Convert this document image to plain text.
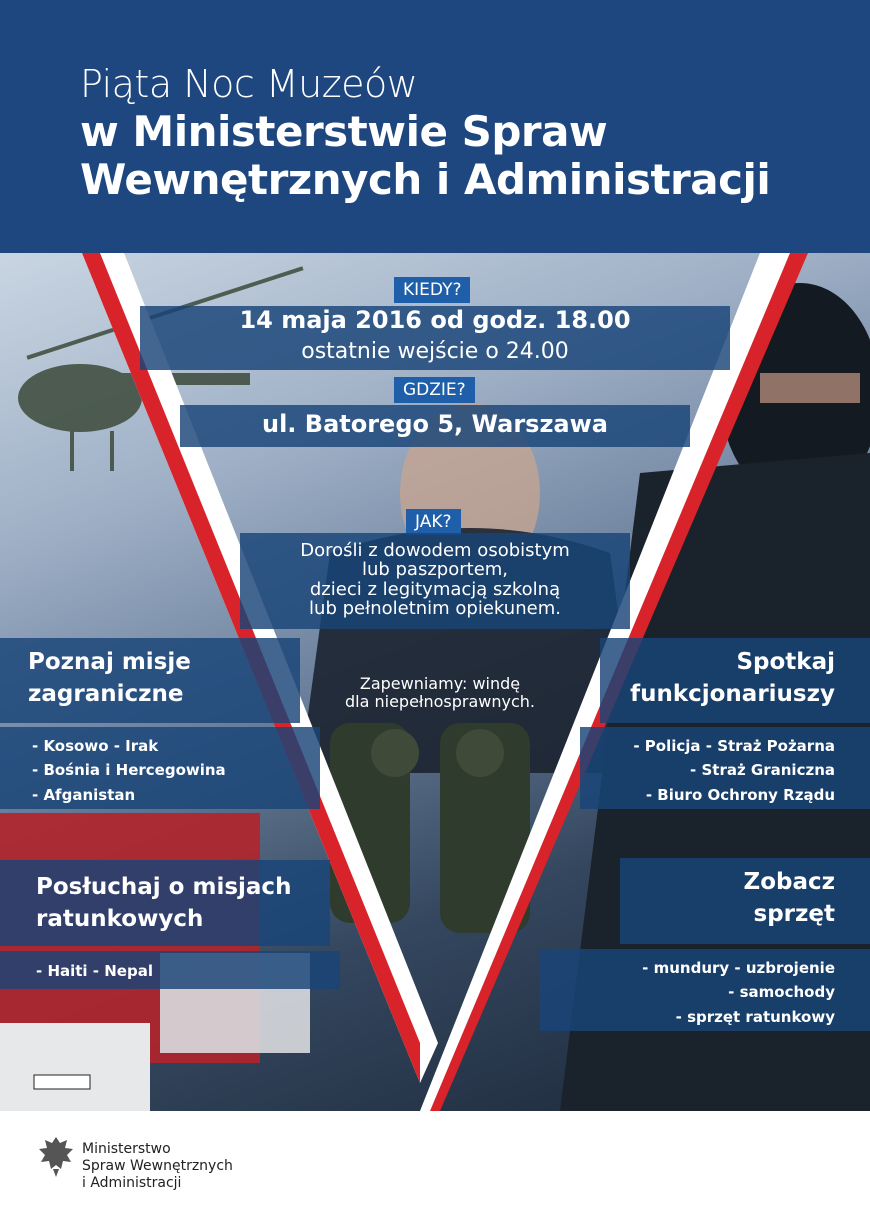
Piąta Noc Muzeów
w Ministerstwie Spraw
Wewnętrznych i Administracji
KIEDY?
14 maja 2016 od godz. 18.00
ostatnie wejście o 24.00
GDZIE?
ul. Batorego 5, Warszawa
JAK?
Dorośli z dowodem osobistym
lub paszportem,
dzieci z legitymacją szkolną
lub pełnoletnim opiekunem.
Zapewniamy: windę
dla niepełnosprawnych.
Poznaj misje
zagraniczne
- Kosowo - Irak
- Bośnia i Hercegowina
- Afganistan
Posłuchaj o misjach
ratunkowych
- Haiti - Nepal
Spotkaj
funkcjonariuszy
- Policja - Straż Pożarna
- Straż Graniczna
- Biuro Ochrony Rządu
Zobacz
sprzęt
- mundury - uzbrojenie
- samochody
- sprzęt ratunkowy
Ministerstwo
Spraw Wewnętrznych
i Administracji
